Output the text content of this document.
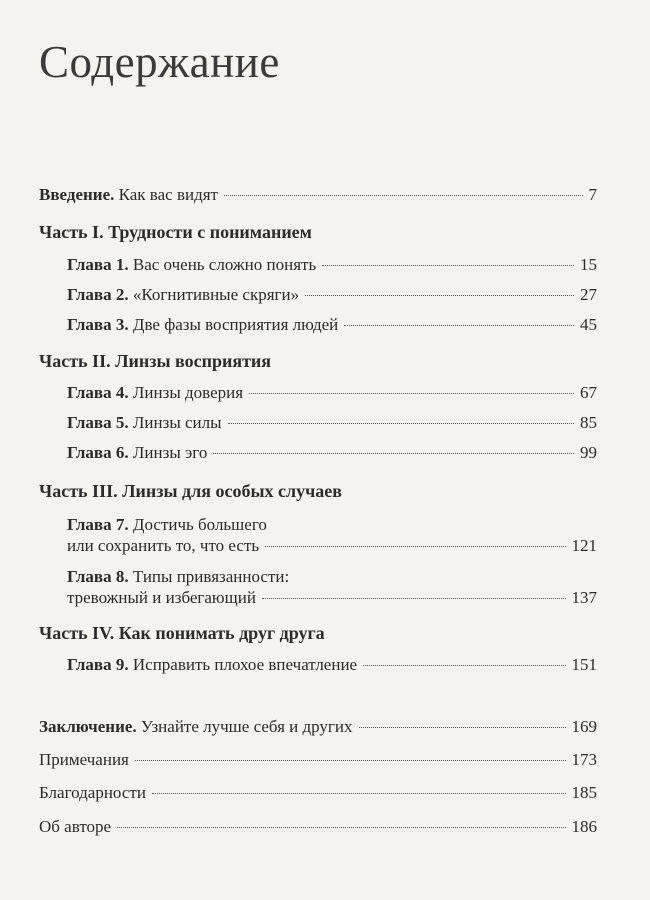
Содержание
Введение. Как вас видят	7
Часть I. Трудности с пониманием
Глава 1. Вас очень сложно понять	15
Глава 2. «Когнитивные скряги»	27
Глава 3. Две фазы восприятия людей	45
Часть II. Линзы восприятия
Глава 4. Линзы доверия	67
Глава 5. Линзы силы	85
Глава 6. Линзы эго	99
Часть III. Линзы для особых случаев
Глава 7. Достичь большего
или сохранить то, что есть	121
Глава 8. Типы привязанности:
тревожный и избегающий	137
Часть IV. Как понимать друг друга
Глава 9. Исправить плохое впечатление	151
Заключение. Узнайте лучше себя и других	169
Примечания	173
Благодарности	185
Об авторе	186
